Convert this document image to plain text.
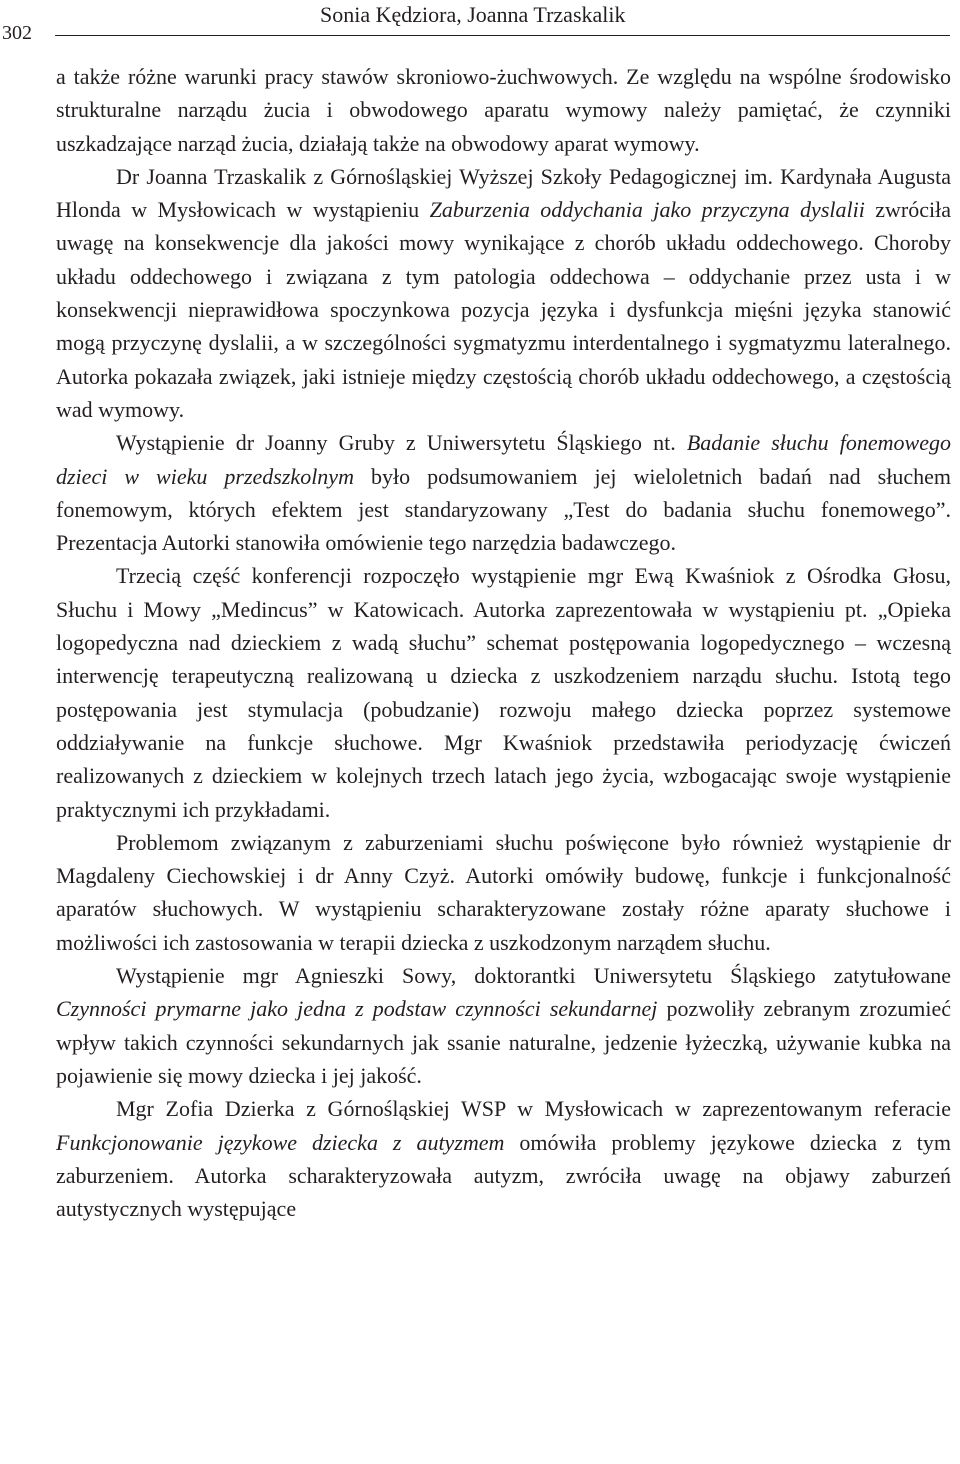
302
Sonia Kędziora, Joanna Trzaskalik

a także różne warunki pracy stawów skroniowo-żuchwowych. Ze względu na wspólne środowisko strukturalne narządu żucia i obwodowego aparatu wymowy należy pamiętać, że czynniki uszkadzające narząd żucia, działają także na obwodowy aparat wymowy.

Dr Joanna Trzaskalik z Górnośląskiej Wyższej Szkoły Pedagogicznej im. Kardynała Augusta Hlonda w Mysłowicach w wystąpieniu Zaburzenia oddychania jako przyczyna dyslalii zwróciła uwagę na konsekwencje dla jakości mowy wynikające z chorób układu oddechowego. Choroby układu oddechowego i związana z tym patologia oddechowa – oddychanie przez usta i w konsekwencji nieprawidłowa spoczynkowa pozycja języka i dysfunkcja mięśni języka stanowić mogą przyczynę dyslalii, a w szczególności sygmatyzmu interdentalnego i sygmatyzmu lateralnego. Autorka pokazała związek, jaki istnieje między częstością chorób układu oddechowego, a częstością wad wymowy.

Wystąpienie dr Joanny Gruby z Uniwersytetu Śląskiego nt. Badanie słuchu fonemowego dzieci w wieku przedszkolnym było podsumowaniem jej wieloletnich badań nad słuchem fonemowym, których efektem jest standaryzowany „Test do badania słuchu fonemowego”. Prezentacja Autorki stanowiła omówienie tego narzędzia badawczego.

Trzecią część konferencji rozpoczęło wystąpienie mgr Ewą Kwaśniok z Ośrodka Głosu, Słuchu i Mowy „Medincus” w Katowicach. Autorka zaprezentowała w wystąpieniu pt. „Opieka logopedyczna nad dzieckiem z wadą słuchu” schemat postępowania logopedycznego – wczesną interwencję terapeutyczną realizowaną u dziecka z uszkodzeniem narządu słuchu. Istotą tego postępowania jest stymulacja (pobudzanie) rozwoju małego dziecka poprzez systemowe oddziaływanie na funkcje słuchowe. Mgr Kwaśniok przedstawiła periodyzację ćwiczeń realizowanych z dzieckiem w kolejnych trzech latach jego życia, wzbogacając swoje wystąpienie praktycznymi ich przykładami.

Problemom związanym z zaburzeniami słuchu poświęcone było również wystąpienie dr Magdaleny Ciechowskiej i dr Anny Czyż. Autorki omówiły budowę, funkcje i funkcjonalność aparatów słuchowych. W wystąpieniu scharakteryzowane zostały różne aparaty słuchowe i możliwości ich zastosowania w terapii dziecka z uszkodzonym narządem słuchu.

Wystąpienie mgr Agnieszki Sowy, doktorantki Uniwersytetu Śląskiego zatytułowane Czynności prymarne jako jedna z podstaw czynności sekundarnej pozwoliły zebranym zrozumieć wpływ takich czynności sekundarnych jak ssanie naturalne, jedzenie łyżeczką, używanie kubka na pojawienie się mowy dziecka i jej jakość.

Mgr Zofia Dzierka z Górnośląskiej WSP w Mysłowicach w zaprezentowanym referacie Funkcjonowanie językowe dziecka z autyzmem omówiła problemy językowe dziecka z tym zaburzeniem. Autorka scharakteryzowała autyzm, zwróciła uwagę na objawy zaburzeń autystycznych występujące
